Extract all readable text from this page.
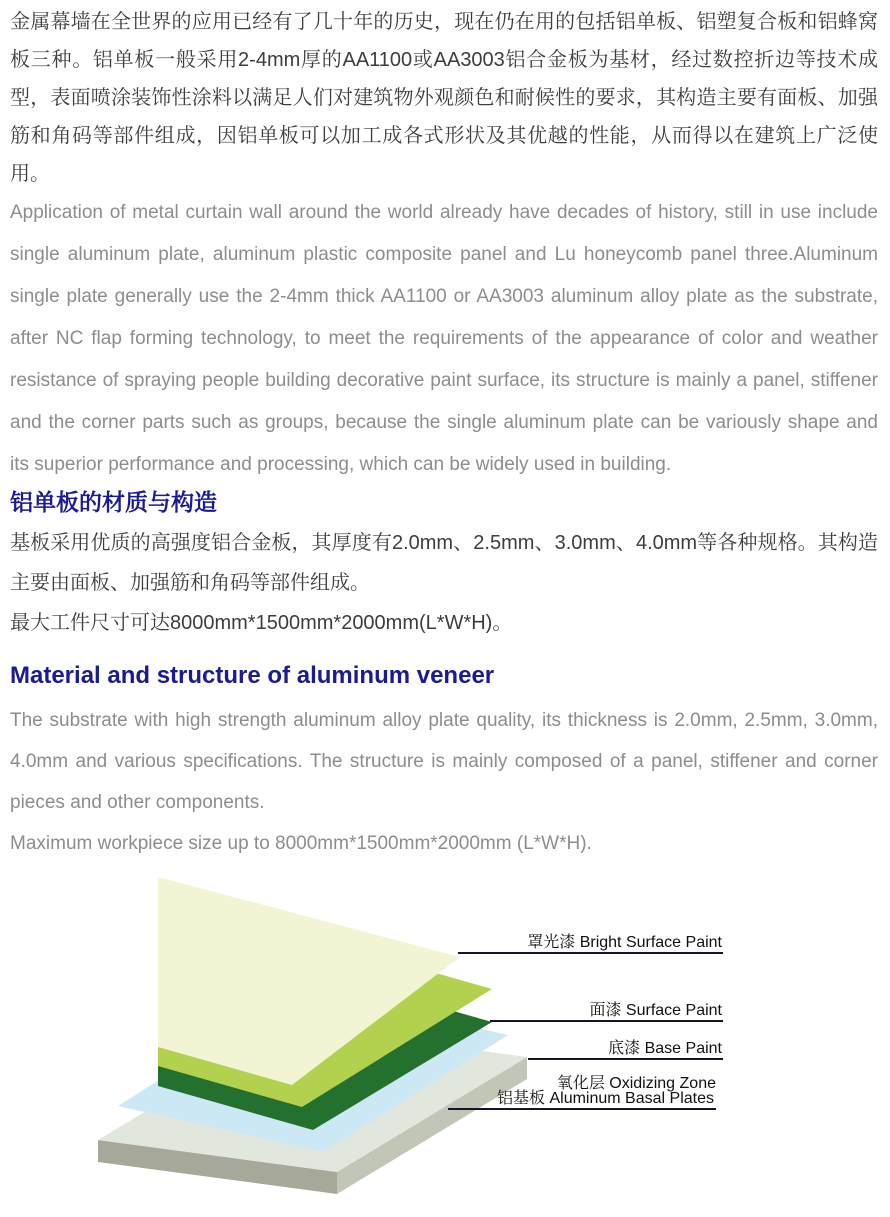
金属幕墙在全世界的应用已经有了几十年的历史，现在仍在用的包括铝单板、铝塑复合板和铝蜂窝板三种。铝单板一般采用2-4mm厚的AA1100或AA3003铝合金板为基材，经过数控折边等技术成型，表面喷涂装饰性涂料以满足人们对建筑物外观颜色和耐候性的要求，其构造主要有面板、加强筋和角码等部件组成，因铝单板可以加工成各式形状及其优越的性能，从而得以在建筑上广泛使用。
Application of metal curtain wall around the world already have decades of history, still in use include single aluminum plate, aluminum plastic composite panel and Lu honeycomb panel three.Aluminum single plate generally use the 2-4mm thick AA1100 or AA3003 aluminum alloy plate as the substrate, after NC flap forming technology, to meet the requirements of the appearance of color and weather resistance of spraying people building decorative paint surface, its structure is mainly a panel, stiffener and the corner parts such as groups, because the single aluminum plate can be variously shape and its superior performance and processing, which can be widely used in building.
铝单板的材质与构造
基板采用优质的高强度铝合金板，其厚度有2.0mm、2.5mm、3.0mm、4.0mm等各种规格。其构造主要由面板、加强筋和角码等部件组成。
最大工件尺寸可达8000mm*1500mm*2000mm(L*W*H)。
Material and structure of aluminum veneer
The substrate with high strength aluminum alloy plate quality, its thickness is 2.0mm, 2.5mm, 3.0mm, 4.0mm and various specifications. The structure is mainly composed of a panel, stiffener and corner pieces and other components.
Maximum workpiece size up to 8000mm*1500mm*2000mm (L*W*H).
罩光漆 Bright Surface Paint
面漆 Surface Paint
底漆 Base Paint
氧化层 Oxidizing Zone
铝基板 Aluminum Basal Plates
